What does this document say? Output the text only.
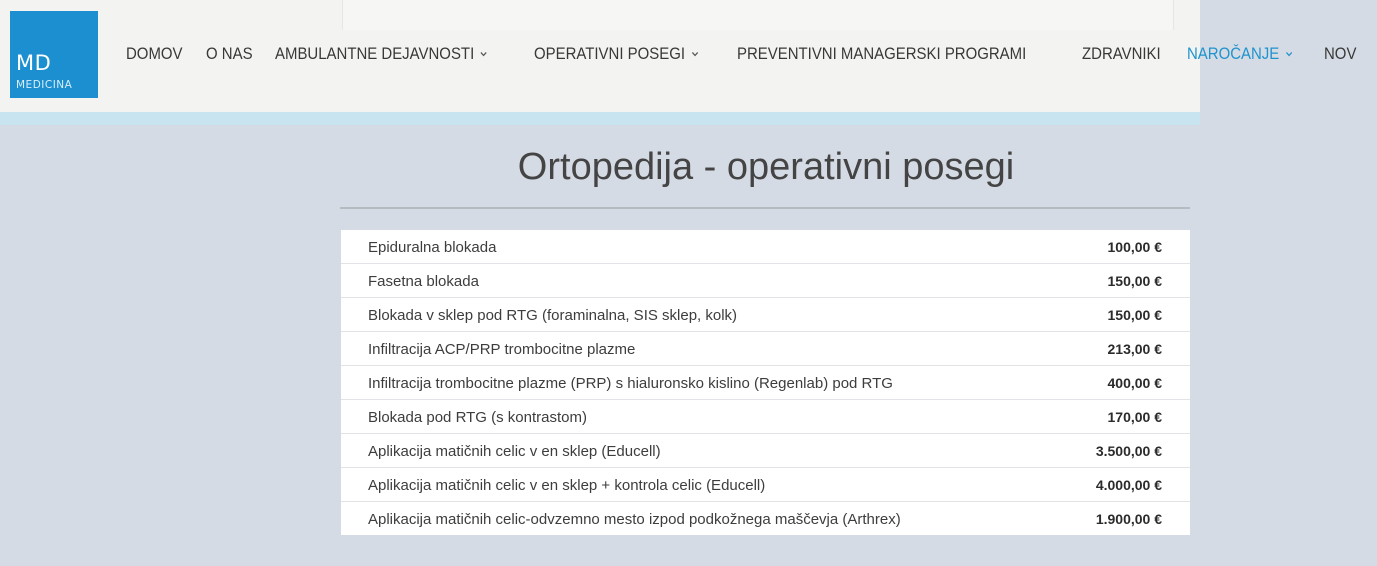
MD
MEDICINA
DOMOV O NAS AMBULANTNE DEJAVNOSTI	OPERATIVNI POSEGI	PREVENTIVNI MANAGERSKI PROGRAMI	ZDRAVNIKI NAROČANJE	NOV
Ortopedija - operativni posegi
Epiduralna blokada	100,00 €
Fasetna blokada	150,00 €
Blokada v sklep pod RTG (foraminalna, SIS sklep, kolk)	150,00 €
Infiltracija ACP/PRP trombocitne plazme	213,00 €
Infiltracija trombocitne plazme (PRP) s hialuronsko kislino (Regenlab) pod RTG	400,00 €
Blokada pod RTG (s kontrastom)	170,00 €
Aplikacija matičnih celic v en sklep (Educell)	3.500,00 €
Aplikacija matičnih celic v en sklep + kontrola celic (Educell)	4.000,00 €
Aplikacija matičnih celic-odvzemno mesto izpod podkožnega maščevja (Arthrex)	1.900,00 €
